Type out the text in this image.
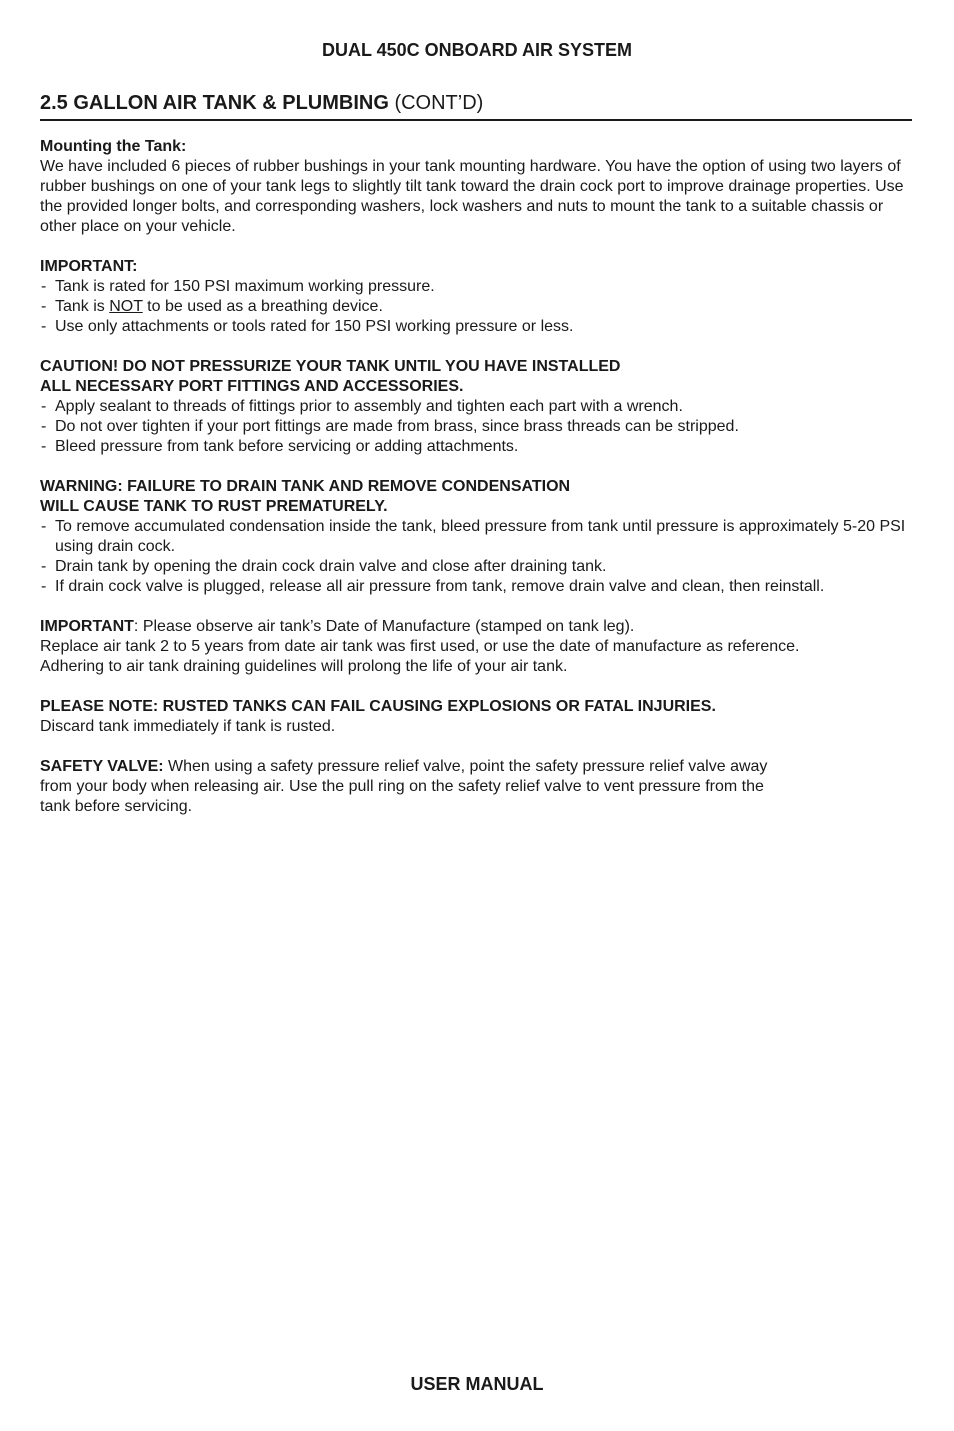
DUAL 450C ONBOARD AIR SYSTEM
2.5 GALLON AIR TANK & PLUMBING (CONT’D)

Mounting the Tank:

We have included 6 pieces of rubber bushings in your tank mounting hardware. You have the option of using two layers of rubber bushings on one of your tank legs to slightly tilt tank toward the drain cock port to improve drainage properties. Use the provided longer bolts, and corresponding washers, lock washers and nuts to mount the tank to a suitable chassis or other place on your vehicle.

IMPORTANT:

- Tank is rated for 150 PSI maximum working pressure.
- Tank is NOT to be used as a breathing device.
- Use only attachments or tools rated for 150 PSI working pressure or less.

CAUTION! DO NOT PRESSURIZE YOUR TANK UNTIL YOU HAVE INSTALLED

ALL NECESSARY PORT FITTINGS AND ACCESSORIES.

- Apply sealant to threads of fittings prior to assembly and tighten each part with a wrench.
- Do not over tighten if your port fittings are made from brass, since brass threads can be stripped.
- Bleed pressure from tank before servicing or adding attachments.

WARNING: FAILURE TO DRAIN TANK AND REMOVE CONDENSATION

WILL CAUSE TANK TO RUST PREMATURELY.

- To remove accumulated condensation inside the tank, bleed pressure from tank until pressure is approximately 5-20 PSI using drain cock.
- Drain tank by opening the drain cock drain valve and close after draining tank.
- If drain cock valve is plugged, release all air pressure from tank, remove drain valve and clean, then reinstall.

IMPORTANT: Please observe air tank’s Date of Manufacture (stamped on tank leg).

Replace air tank 2 to 5 years from date air tank was first used, or use the date of manufacture as reference.

Adhering to air tank draining guidelines will prolong the life of your air tank.

PLEASE NOTE: RUSTED TANKS CAN FAIL CAUSING EXPLOSIONS OR FATAL INJURIES.

Discard tank immediately if tank is rusted.

SAFETY VALVE: When using a safety pressure relief valve, point the safety pressure relief valve away

from your body when releasing air. Use the pull ring on the safety relief valve to vent pressure from the

tank before servicing.

USER MANUAL
